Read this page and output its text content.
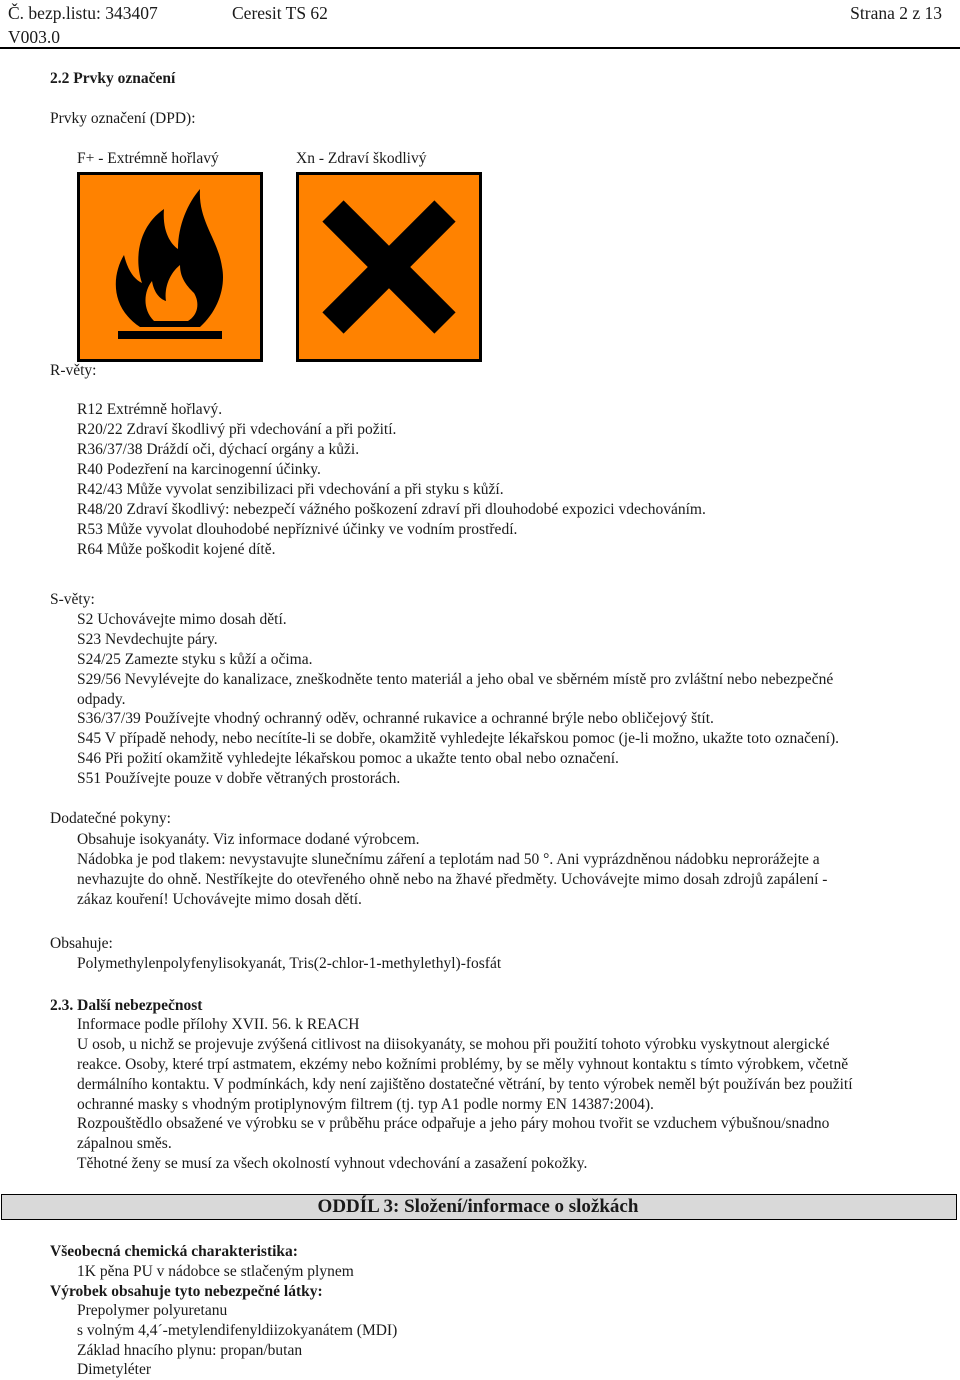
Č. bezp.listu: 343407	Ceresit TS 62	Strana 2 z 13
V003.0
2.2 Prvky označení
Prvky označení (DPD):
F+ - Extrémně hořlavý	Xn - Zdraví škodlivý
R-věty:
R12 Extrémně hořlavý.
R20/22 Zdraví škodlivý při vdechování a při požití.
R36/37/38 Dráždí oči, dýchací orgány a kůži.
R40 Podezření na karcinogenní účinky.
R42/43 Může vyvolat senzibilizaci při vdechování a při styku s kůží.
R48/20 Zdraví škodlivý: nebezpečí vážného poškození zdraví při dlouhodobé expozici vdechováním.
R53 Může vyvolat dlouhodobé nepříznivé účinky ve vodním prostředí.
R64 Může poškodit kojené dítě.
S-věty:
S2 Uchovávejte mimo dosah dětí.
S23 Nevdechujte páry.
S24/25 Zamezte styku s kůží a očima.
S29/56 Nevylévejte do kanalizace, zneškodněte tento materiál a jeho obal ve sběrném místě pro zvláštní nebo nebezpečné
odpady.
S36/37/39 Používejte vhodný ochranný oděv, ochranné rukavice a ochranné brýle nebo obličejový štít.
S45 V případě nehody, nebo necítíte-li se dobře, okamžitě vyhledejte lékařskou pomoc (je-li možno, ukažte toto označení).
S46 Při požití okamžitě vyhledejte lékařskou pomoc a ukažte tento obal nebo označení.
S51 Používejte pouze v dobře větraných prostorách.
Dodatečné pokyny:
Obsahuje isokyanáty. Viz informace dodané výrobcem.
Nádobka je pod tlakem: nevystavujte slunečnímu záření a teplotám nad 50 °. Ani vyprázdněnou nádobku neprorážejte a
nevhazujte do ohně. Nestříkejte do otevřeného ohně nebo na žhavé předměty. Uchovávejte mimo dosah zdrojů zapálení -
zákaz kouření! Uchovávejte mimo dosah dětí.
Obsahuje:
Polymethylenpolyfenylisokyanát, Tris(2-chlor-1-methylethyl)-fosfát
2.3. Další nebezpečnost
Informace podle přílohy XVII. 56. k REACH
U osob, u nichž se projevuje zvýšená citlivost na diisokyanáty, se mohou při použití tohoto výrobku vyskytnout alergické
reakce. Osoby, které trpí astmatem, ekzémy nebo kožními problémy, by se měly vyhnout kontaktu s tímto výrobkem, včetně
dermálního kontaktu. V podmínkách, kdy není zajištěno dostatečné větrání, by tento výrobek neměl být používán bez použití
ochranné masky s vhodným protiplynovým filtrem (tj. typ A1 podle normy EN 14387:2004).
Rozpouštědlo obsažené ve výrobku se v průběhu práce odpařuje a jeho páry mohou tvořit se vzduchem výbušnou/snadno
zápalnou směs.
Těhotné ženy se musí za všech okolností vyhnout vdechování a zasažení pokožky.
ODDÍL 3: Složení/informace o složkách
Všeobecná chemická charakteristika:
1K pěna PU v nádobce se stlačeným plynem
Výrobek obsahuje tyto nebezpečné látky:
Prepolymer polyuretanu
s volným 4,4´-metylendifenyldiizokyanátem (MDI)
Základ hnacího plynu: propan/butan
Dimetyléter
